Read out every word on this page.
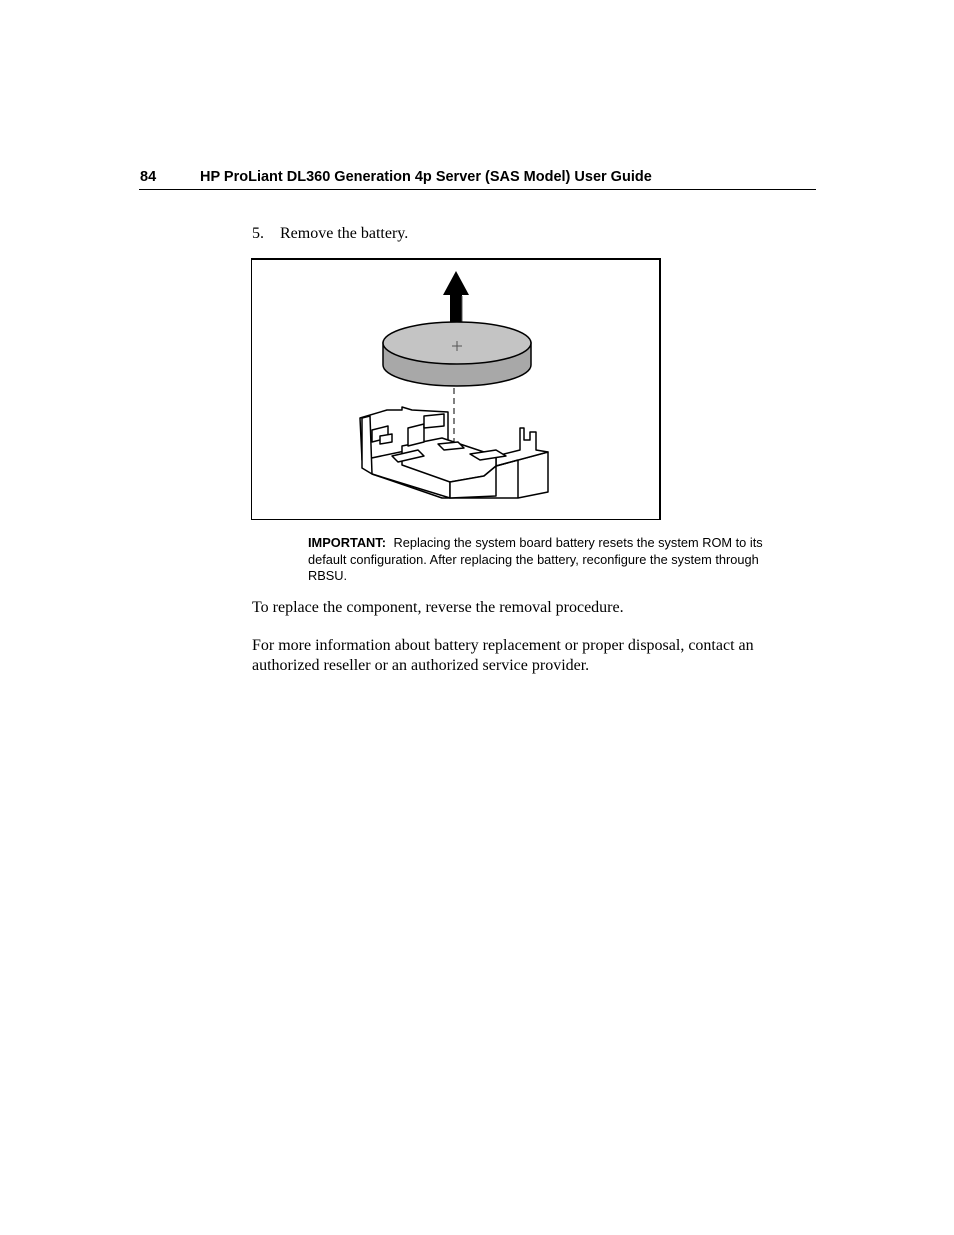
84	HP ProLiant DL360 Generation 4p Server (SAS Model) User Guide
5. Remove the battery.
IMPORTANT: Replacing the system board battery resets the system ROM to its default configuration. After replacing the battery, reconfigure the system through RBSU.
To replace the component, reverse the removal procedure.
For more information about battery replacement or proper disposal, contact an authorized reseller or an authorized service provider.
